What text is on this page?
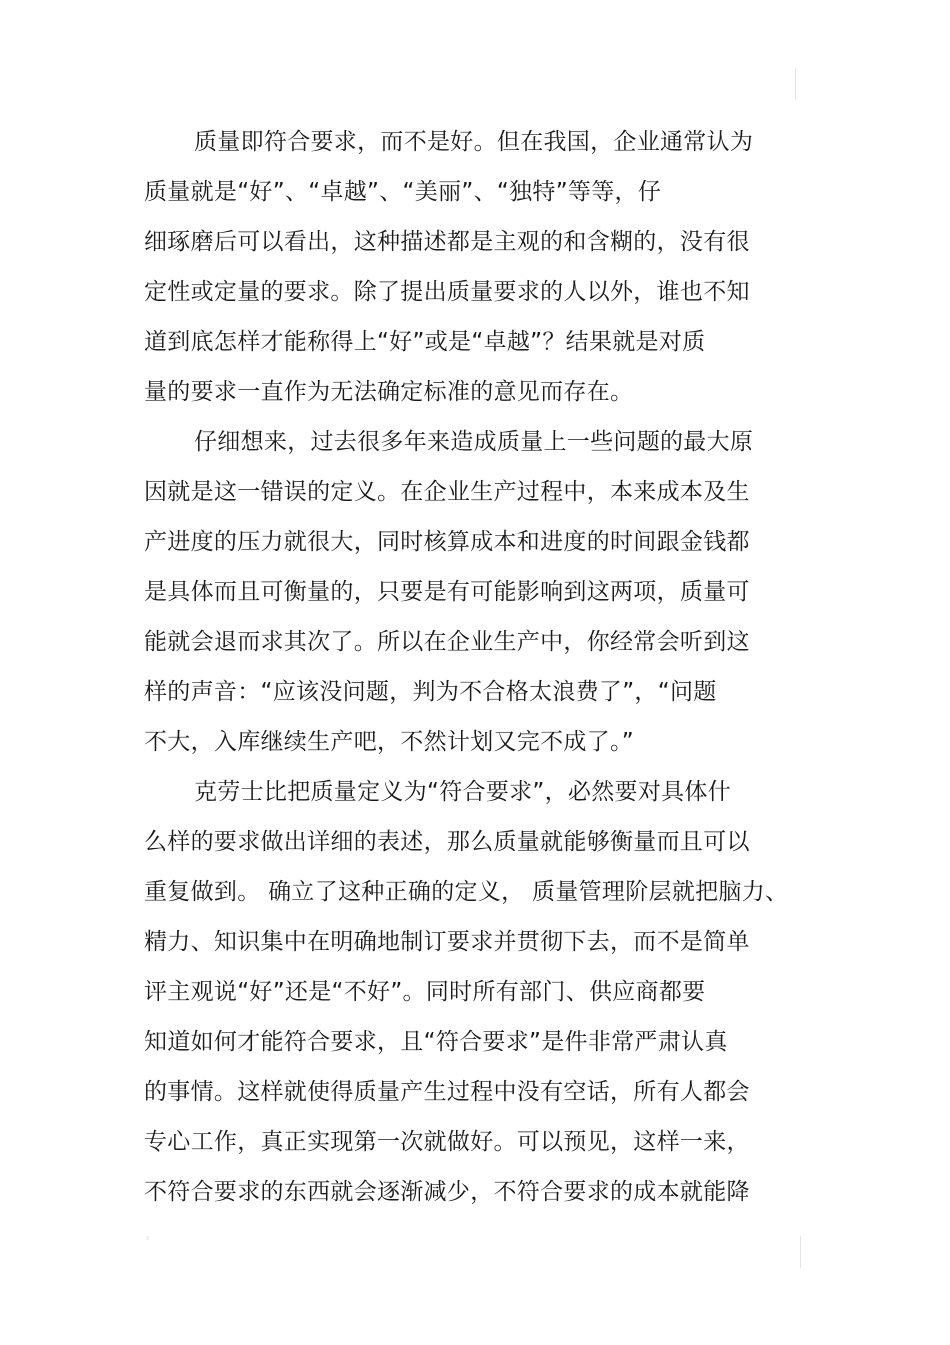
质量即符合要求，而不是好。但在我国，企业通常认为
质量就是“好”、“卓越”、“美丽”、“独特”等等，仔
细琢磨后可以看出，这种描述都是主观的和含糊的，没有很
定性或定量的要求。除了提出质量要求的人以外，谁也不知
道到底怎样才能称得上“好”或是“卓越”？结果就是对质
量的要求一直作为无法确定标准的意见而存在。
仔细想来，过去很多年来造成质量上一些问题的最大原
因就是这一错误的定义。在企业生产过程中，本来成本及生
产进度的压力就很大，同时核算成本和进度的时间跟金钱都
是具体而且可衡量的，只要是有可能影响到这两项，质量可
能就会退而求其次了。所以在企业生产中，你经常会听到这
样的声音：“应该没问题，判为不合格太浪费了”，“问题
不大，入库继续生产吧，不然计划又完不成了。”
克劳士比把质量定义为“符合要求”，必然要对具体什
么样的要求做出详细的表述，那么质量就能够衡量而且可以
重复做到。 确立了这种正确的定义， 质量管理阶层就把脑力、
精力、知识集中在明确地制订要求并贯彻下去，而不是简单
评主观说“好”还是“不好”。同时所有部门、供应商都要
知道如何才能符合要求，且“符合要求”是件非常严肃认真
的事情。这样就使得质量产生过程中没有空话，所有人都会
专心工作，真正实现第一次就做好。可以预见，这样一来，
不符合要求的东西就会逐渐减少，不符合要求的成本就能降
